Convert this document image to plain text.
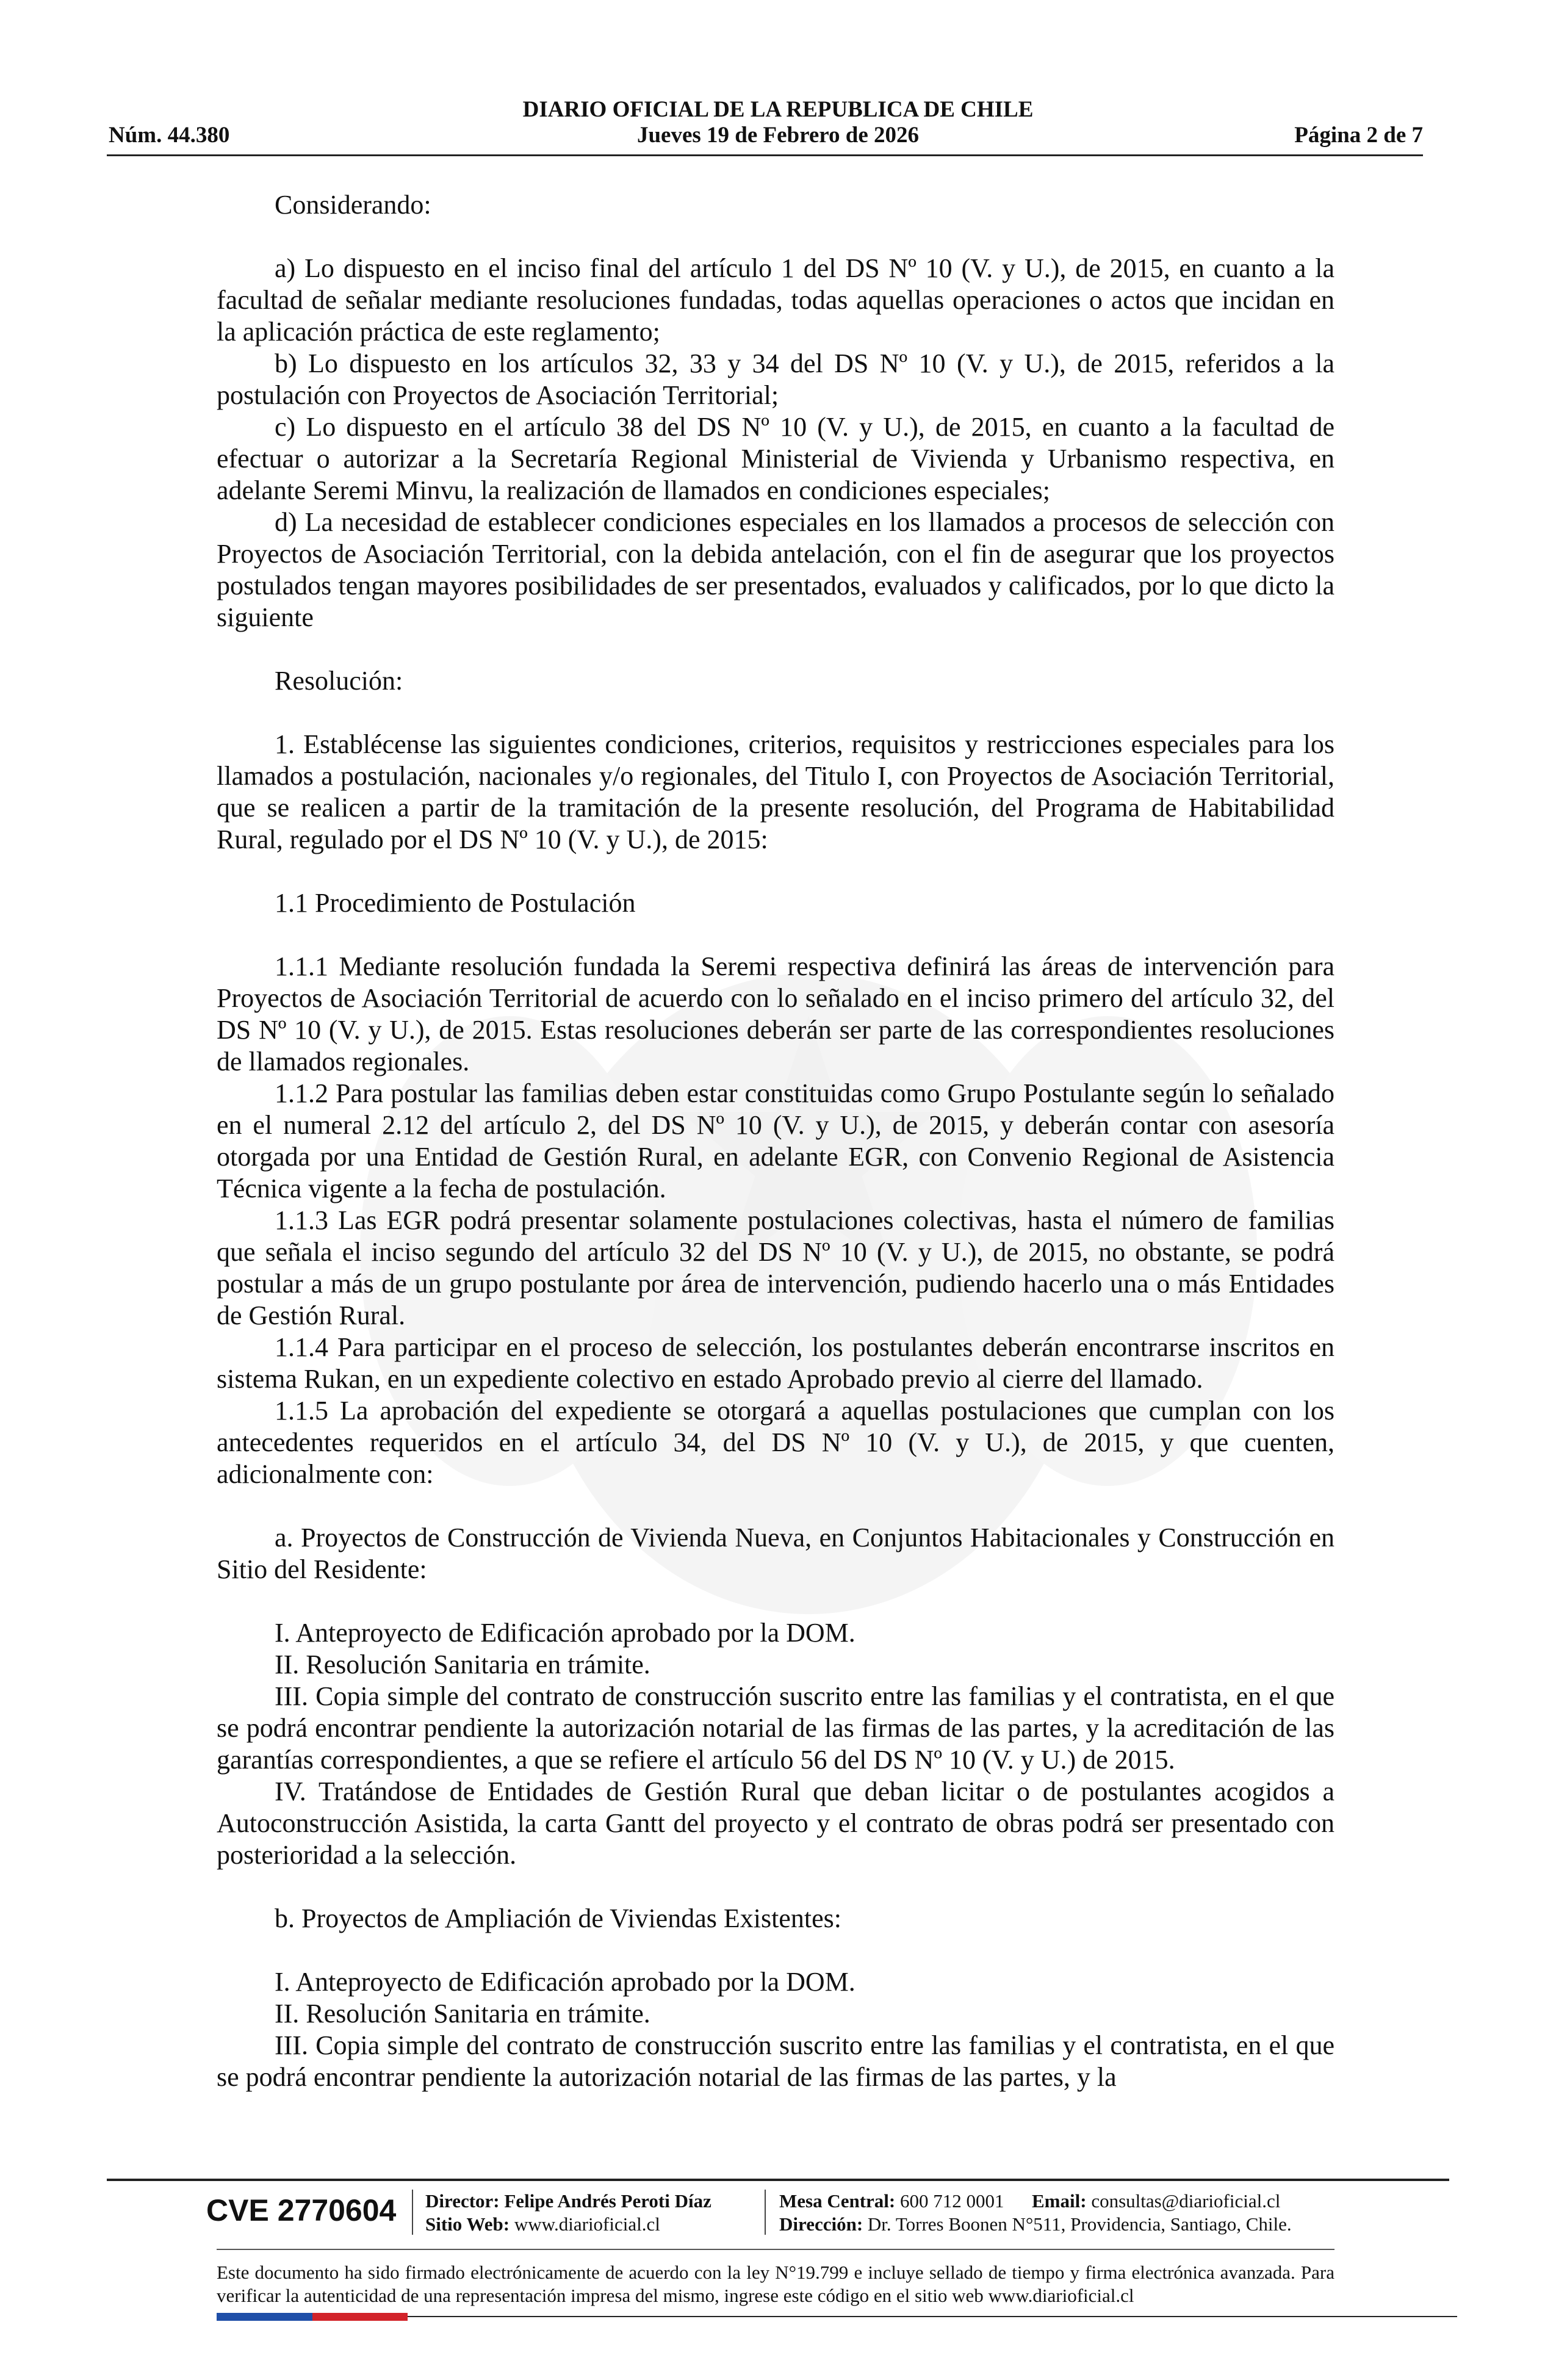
DIARIO OFICIAL DE LA REPUBLICA DE CHILE
Jueves 19 de Febrero de 2026
Núm. 44.380	Página 2 de 7

Considerando:

a) Lo dispuesto en el inciso final del artículo 1 del DS Nº 10 (V. y U.), de 2015, en cuanto a la facultad de señalar mediante resoluciones fundadas, todas aquellas operaciones o actos que incidan en la aplicación práctica de este reglamento;

b) Lo dispuesto en los artículos 32, 33 y 34 del DS Nº 10 (V. y U.), de 2015, referidos a la postulación con Proyectos de Asociación Territorial;

c) Lo dispuesto en el artículo 38 del DS Nº 10 (V. y U.), de 2015, en cuanto a la facultad de efectuar o autorizar a la Secretaría Regional Ministerial de Vivienda y Urbanismo respectiva, en adelante Seremi Minvu, la realización de llamados en condiciones especiales;

d) La necesidad de establecer condiciones especiales en los llamados a procesos de selección con Proyectos de Asociación Territorial, con la debida antelación, con el fin de asegurar que los proyectos postulados tengan mayores posibilidades de ser presentados, evaluados y calificados, por lo que dicto la siguiente

Resolución:

1. Establécense las siguientes condiciones, criterios, requisitos y restricciones especiales para los llamados a postulación, nacionales y/o regionales, del Titulo I, con Proyectos de Asociación Territorial, que se realicen a partir de la tramitación de la presente resolución, del Programa de Habitabilidad Rural, regulado por el DS Nº 10 (V. y U.), de 2015:

1.1 Procedimiento de Postulación

1.1.1 Mediante resolución fundada la Seremi respectiva definirá las áreas de intervención para Proyectos de Asociación Territorial de acuerdo con lo señalado en el inciso primero del artículo 32, del DS Nº 10 (V. y U.), de 2015. Estas resoluciones deberán ser parte de las correspondientes resoluciones de llamados regionales.

1.1.2 Para postular las familias deben estar constituidas como Grupo Postulante según lo señalado en el numeral 2.12 del artículo 2, del DS Nº 10 (V. y U.), de 2015, y deberán contar con asesoría otorgada por una Entidad de Gestión Rural, en adelante EGR, con Convenio Regional de Asistencia Técnica vigente a la fecha de postulación.

1.1.3 Las EGR podrá presentar solamente postulaciones colectivas, hasta el número de familias que señala el inciso segundo del artículo 32 del DS Nº 10 (V. y U.), de 2015, no obstante, se podrá postular a más de un grupo postulante por área de intervención, pudiendo hacerlo una o más Entidades de Gestión Rural.

1.1.4 Para participar en el proceso de selección, los postulantes deberán encontrarse inscritos en sistema Rukan, en un expediente colectivo en estado Aprobado previo al cierre del llamado.

1.1.5 La aprobación del expediente se otorgará a aquellas postulaciones que cumplan con los antecedentes requeridos en el artículo 34, del DS Nº 10 (V. y U.), de 2015, y que cuenten, adicionalmente con:

a. Proyectos de Construcción de Vivienda Nueva, en Conjuntos Habitacionales y Construcción en Sitio del Residente:

I. Anteproyecto de Edificación aprobado por la DOM.

II. Resolución Sanitaria en trámite.

III. Copia simple del contrato de construcción suscrito entre las familias y el contratista, en el que se podrá encontrar pendiente la autorización notarial de las firmas de las partes, y la acreditación de las garantías correspondientes, a que se refiere el artículo 56 del DS Nº 10 (V. y U.) de 2015.

IV. Tratándose de Entidades de Gestión Rural que deban licitar o de postulantes acogidos a Autoconstrucción Asistida, la carta Gantt del proyecto y el contrato de obras podrá ser presentado con posterioridad a la selección.

b. Proyectos de Ampliación de Viviendas Existentes:

I. Anteproyecto de Edificación aprobado por la DOM.

II. Resolución Sanitaria en trámite.

III. Copia simple del contrato de construcción suscrito entre las familias y el contratista, en el que se podrá encontrar pendiente la autorización notarial de las firmas de las partes, y la

CVE 2770604 Director: Felipe Andrés Peroti Díaz
Sitio Web: www.diarioficial.cl
Mesa Central: 600 712 0001 Email: consultas@diarioficial.cl
Dirección: Dr. Torres Boonen N°511, Providencia, Santiago, Chile.
Este documento ha sido firmado electrónicamente de acuerdo con la ley N°19.799 e incluye sellado de tiempo y firma electrónica avanzada. Para verificar la autenticidad de una representación impresa del mismo, ingrese este código en el sitio web www.diarioficial.cl
